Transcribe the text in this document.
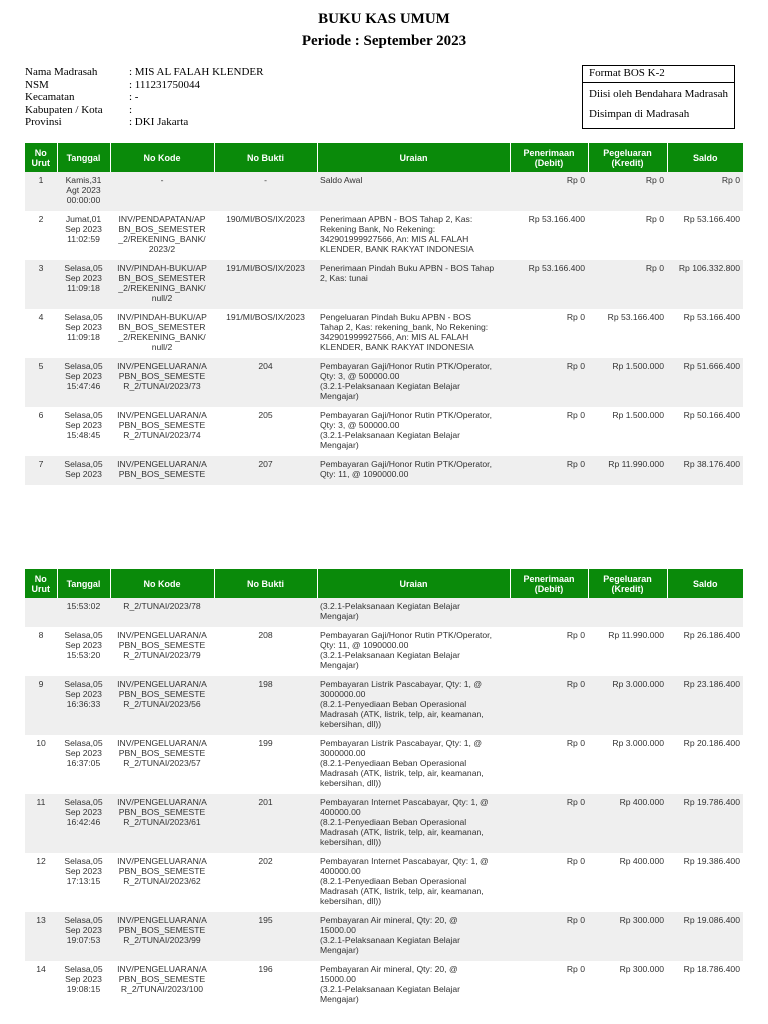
BUKU KAS UMUM
Periode : September 2023
Nama Madrasah	: MIS AL FALAH KLENDER
NSM	: 111231750044
Kecamatan	: -
Kabupaten / Kota	:
Provinsi	: DKI Jakarta
Format BOS K-2
Diisi oleh Bendahara Madrasah
Disimpan di Madrasah
No
Urut	Tanggal	No Kode	No Bukti	Uraian	Penerimaan
(Debit)	Pegeluaran
(Kredit)	Saldo
1	Kamis,31
Agt 2023
00:00:00	-	-	Saldo Awal	Rp 0	Rp 0	Rp 0
2	Jumat,01
Sep 2023
11:02:59	INV/PENDAPATAN/AP
BN_BOS_SEMESTER
_2/REKENING_BANK/
2023/2	190/MI/BOS/IX/2023	Penerimaan APBN - BOS Tahap 2, Kas:
Rekening Bank, No Rekening:
342901999927566, An: MIS AL FALAH
KLENDER, BANK RAKYAT INDONESIA	Rp 53.166.400	Rp 0	Rp 53.166.400
3	Selasa,05
Sep 2023
11:09:18	INV/PINDAH-BUKU/AP
BN_BOS_SEMESTER
_2/REKENING_BANK/
null/2	191/MI/BOS/IX/2023	Penerimaan Pindah Buku APBN - BOS Tahap
2, Kas: tunai	Rp 53.166.400	Rp 0	Rp 106.332.800
4	Selasa,05
Sep 2023
11:09:18	INV/PINDAH-BUKU/AP
BN_BOS_SEMESTER
_2/REKENING_BANK/
null/2	191/MI/BOS/IX/2023	Pengeluaran Pindah Buku APBN - BOS
Tahap 2, Kas: rekening_bank, No Rekening:
342901999927566, An: MIS AL FALAH
KLENDER, BANK RAKYAT INDONESIA	Rp 0	Rp 53.166.400	Rp 53.166.400
5	Selasa,05
Sep 2023
15:47:46	INV/PENGELUARAN/A
PBN_BOS_SEMESTE
R_2/TUNAI/2023/73	204	Pembayaran Gaji/Honor Rutin PTK/Operator,
Qty: 3, @ 500000.00
(3.2.1-Pelaksanaan Kegiatan Belajar
Mengajar)	Rp 0	Rp 1.500.000	Rp 51.666.400
6	Selasa,05
Sep 2023
15:48:45	INV/PENGELUARAN/A
PBN_BOS_SEMESTE
R_2/TUNAI/2023/74	205	Pembayaran Gaji/Honor Rutin PTK/Operator,
Qty: 3, @ 500000.00
(3.2.1-Pelaksanaan Kegiatan Belajar
Mengajar)	Rp 0	Rp 1.500.000	Rp 50.166.400
7	Selasa,05
Sep 2023	INV/PENGELUARAN/A
PBN_BOS_SEMESTE	207	Pembayaran Gaji/Honor Rutin PTK/Operator,
Qty: 11, @ 1090000.00	Rp 0	Rp 11.990.000	Rp 38.176.400
No
Urut	Tanggal	No Kode	No Bukti	Uraian	Penerimaan
(Debit)	Pegeluaran
(Kredit)	Saldo
	15:53:02	R_2/TUNAI/2023/78		(3.2.1-Pelaksanaan Kegiatan Belajar
Mengajar)			
8	Selasa,05
Sep 2023
15:53:20	INV/PENGELUARAN/A
PBN_BOS_SEMESTE
R_2/TUNAI/2023/79	208	Pembayaran Gaji/Honor Rutin PTK/Operator,
Qty: 11, @ 1090000.00
(3.2.1-Pelaksanaan Kegiatan Belajar
Mengajar)	Rp 0	Rp 11.990.000	Rp 26.186.400
9	Selasa,05
Sep 2023
16:36:33	INV/PENGELUARAN/A
PBN_BOS_SEMESTE
R_2/TUNAI/2023/56	198	Pembayaran Listrik Pascabayar, Qty: 1, @
3000000.00
(8.2.1-Penyediaan Beban Operasional
Madrasah (ATK, listrik, telp, air, keamanan,
kebersihan, dll))	Rp 0	Rp 3.000.000	Rp 23.186.400
10	Selasa,05
Sep 2023
16:37:05	INV/PENGELUARAN/A
PBN_BOS_SEMESTE
R_2/TUNAI/2023/57	199	Pembayaran Listrik Pascabayar, Qty: 1, @
3000000.00
(8.2.1-Penyediaan Beban Operasional
Madrasah (ATK, listrik, telp, air, keamanan,
kebersihan, dll))	Rp 0	Rp 3.000.000	Rp 20.186.400
11	Selasa,05
Sep 2023
16:42:46	INV/PENGELUARAN/A
PBN_BOS_SEMESTE
R_2/TUNAI/2023/61	201	Pembayaran Internet Pascabayar, Qty: 1, @
400000.00
(8.2.1-Penyediaan Beban Operasional
Madrasah (ATK, listrik, telp, air, keamanan,
kebersihan, dll))	Rp 0	Rp 400.000	Rp 19.786.400
12	Selasa,05
Sep 2023
17:13:15	INV/PENGELUARAN/A
PBN_BOS_SEMESTE
R_2/TUNAI/2023/62	202	Pembayaran Internet Pascabayar, Qty: 1, @
400000.00
(8.2.1-Penyediaan Beban Operasional
Madrasah (ATK, listrik, telp, air, keamanan,
kebersihan, dll))	Rp 0	Rp 400.000	Rp 19.386.400
13	Selasa,05
Sep 2023
19:07:53	INV/PENGELUARAN/A
PBN_BOS_SEMESTE
R_2/TUNAI/2023/99	195	Pembayaran Air mineral, Qty: 20, @
15000.00
(3.2.1-Pelaksanaan Kegiatan Belajar
Mengajar)	Rp 0	Rp 300.000	Rp 19.086.400
14	Selasa,05
Sep 2023
19:08:15	INV/PENGELUARAN/A
PBN_BOS_SEMESTE
R_2/TUNAI/2023/100	196	Pembayaran Air mineral, Qty: 20, @
15000.00
(3.2.1-Pelaksanaan Kegiatan Belajar
Mengajar)	Rp 0	Rp 300.000	Rp 18.786.400
